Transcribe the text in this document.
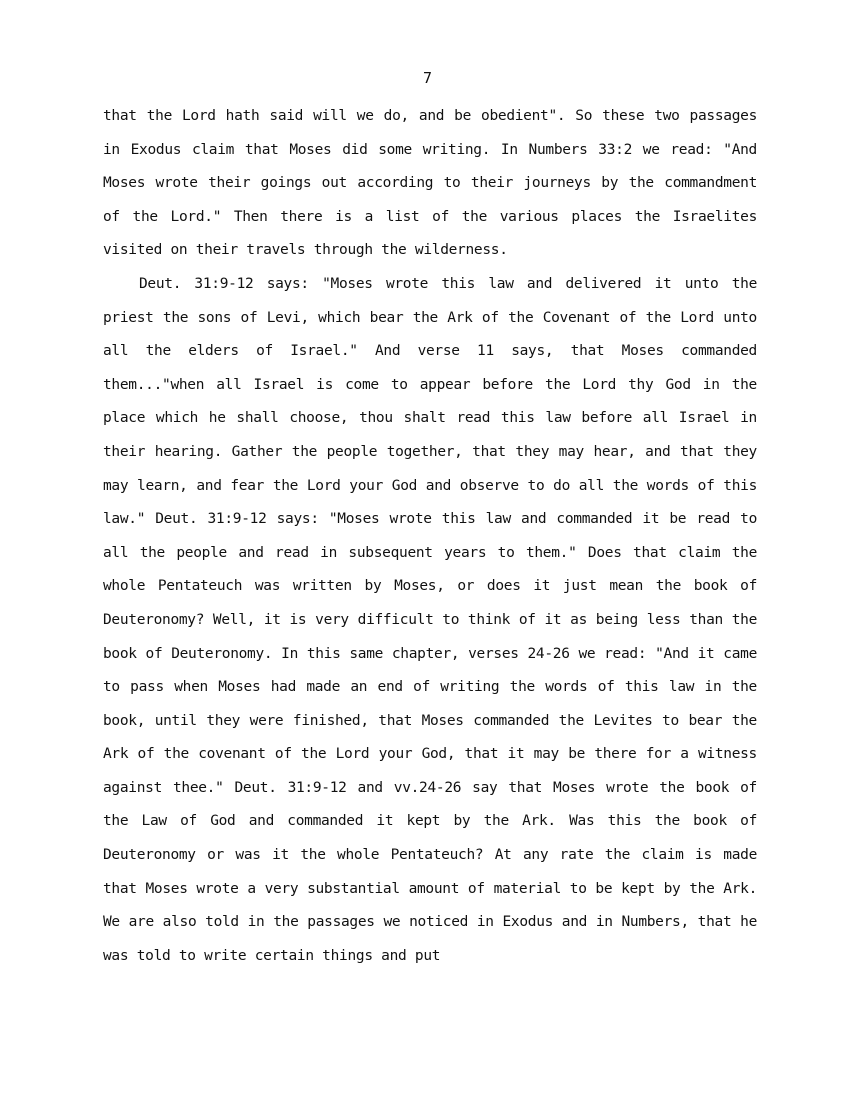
7

that the Lord hath said will we do, and be obedient". So these two passages in Exodus claim that Moses did some writing. In Numbers 33:2 we read: "And Moses wrote their goings out according to their journeys by the commandment of the Lord." Then there is a list of the various places the Israelites visited on their travels through the wilderness.

Deut. 31:9-12 says: "Moses wrote this law and delivered it unto the priest the sons of Levi, which bear the Ark of the Covenant of the Lord unto all the elders of Israel." And verse 11 says, that Moses commanded them..."when all Israel is come to appear before the Lord thy God in the place which he shall choose, thou shalt read this law before all Israel in their hearing. Gather the people together, that they may hear, and that they may learn, and fear the Lord your God and observe to do all the words of this law." Deut. 31:9-12 says: "Moses wrote this law and commanded it be read to all the people and read in subsequent years to them." Does that claim the whole Pentateuch was written by Moses, or does it just mean the book of Deuteronomy? Well, it is very difficult to think of it as being less than the book of Deuteronomy. In this same chapter, verses 24-26 we read: "And it came to pass when Moses had made an end of writing the words of this law in the book, until they were finished, that Moses commanded the Levites to bear the Ark of the covenant of the Lord your God, that it may be there for a witness against thee." Deut. 31:9-12 and vv.24-26 say that Moses wrote the book of the Law of God and commanded it kept by the Ark. Was this the book of Deuteronomy or was it the whole Pentateuch? At any rate the claim is made that Moses wrote a very substantial amount of material to be kept by the Ark. We are also told in the passages we noticed in Exodus and in Numbers, that he was told to write certain things and put
